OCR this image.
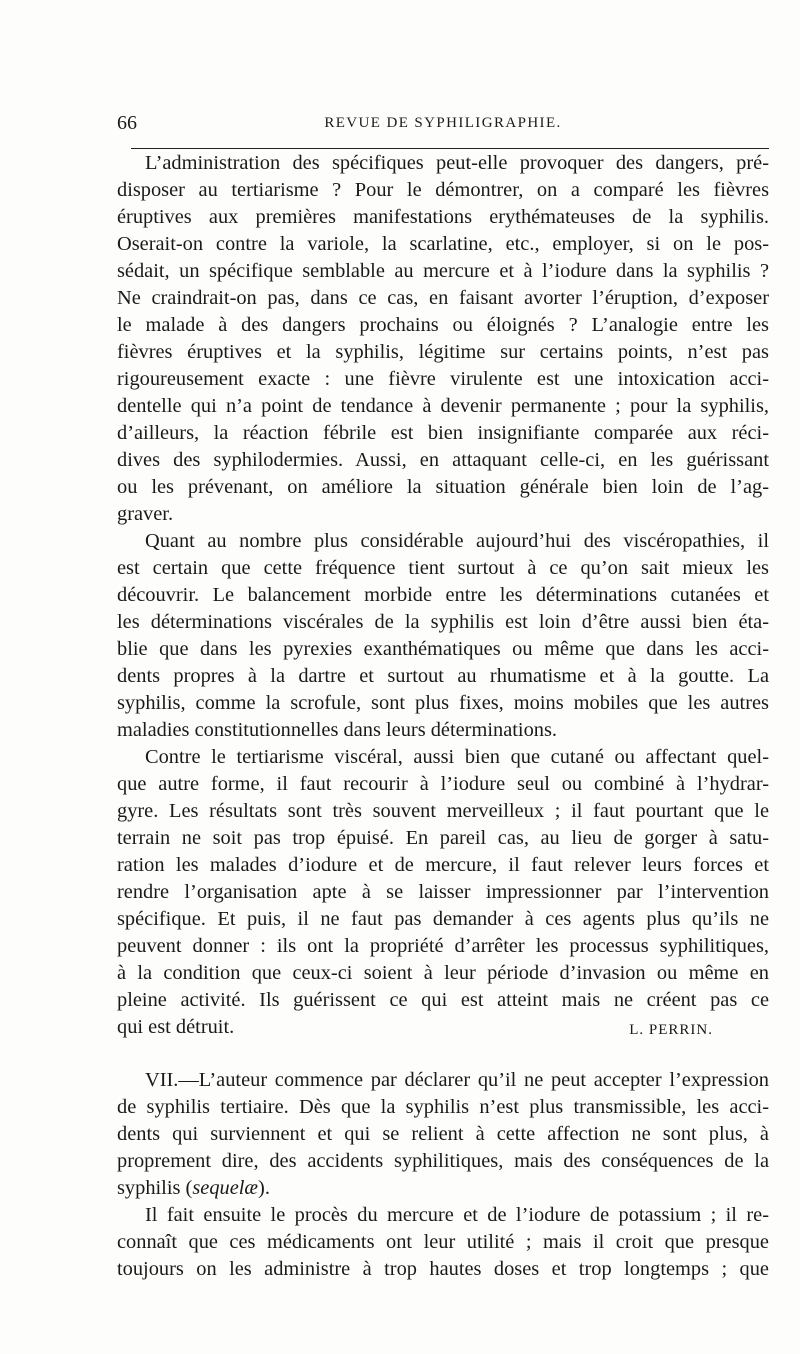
66	REVUE DE SYPHILIGRAPHIE.
L’administration des spécifiques peut-elle provoquer des dangers, pré-
disposer au tertiarisme ? Pour le démontrer, on a comparé les fièvres
éruptives aux premières manifestations erythémateuses de la syphilis.
Oserait-on contre la variole, la scarlatine, etc., employer, si on le pos-
sédait, un spécifique semblable au mercure et à l’iodure dans la syphilis ?
Ne craindrait-on pas, dans ce cas, en faisant avorter l’éruption, d’exposer
le malade à des dangers prochains ou éloignés ? L’analogie entre les
fièvres éruptives et la syphilis, légitime sur certains points, n’est pas
rigoureusement exacte : une fièvre virulente est une intoxication acci-
dentelle qui n’a point de tendance à devenir permanente ; pour la syphilis,
d’ailleurs, la réaction fébrile est bien insignifiante comparée aux réci-
dives des syphilodermies. Aussi, en attaquant celle-ci, en les guérissant
ou les prévenant, on améliore la situation générale bien loin de l’ag-
graver.
Quant au nombre plus considérable aujourd’hui des viscéropathies, il
est certain que cette fréquence tient surtout à ce qu’on sait mieux les
découvrir. Le balancement morbide entre les déterminations cutanées et
les déterminations viscérales de la syphilis est loin d’être aussi bien éta-
blie que dans les pyrexies exanthématiques ou même que dans les acci-
dents propres à la dartre et surtout au rhumatisme et à la goutte. La
syphilis, comme la scrofule, sont plus fixes, moins mobiles que les autres
maladies constitutionnelles dans leurs déterminations.
Contre le tertiarisme viscéral, aussi bien que cutané ou affectant quel-
que autre forme, il faut recourir à l’iodure seul ou combiné à l’hydrar-
gyre. Les résultats sont très souvent merveilleux ; il faut pourtant que le
terrain ne soit pas trop épuisé. En pareil cas, au lieu de gorger à satu-
ration les malades d’iodure et de mercure, il faut relever leurs forces et
rendre l’organisation apte à se laisser impressionner par l’intervention
spécifique. Et puis, il ne faut pas demander à ces agents plus qu’ils ne
peuvent donner : ils ont la propriété d’arrêter les processus syphilitiques,
à la condition que ceux-ci soient à leur période d’invasion ou même en
pleine activité. Ils guérissent ce qui est atteint mais ne créent pas ce
qui est détruit.	L. PERRIN.
VII.—L’auteur commence par déclarer qu’il ne peut accepter l’expression
de syphilis tertiaire. Dès que la syphilis n’est plus transmissible, les acci-
dents qui surviennent et qui se relient à cette affection ne sont plus, à
proprement dire, des accidents syphilitiques, mais des conséquences de la
syphilis (sequelæ).
Il fait ensuite le procès du mercure et de l’iodure de potassium ; il re-
connaît que ces médicaments ont leur utilité ; mais il croit que presque
toujours on les administre à trop hautes doses et trop longtemps ; que
